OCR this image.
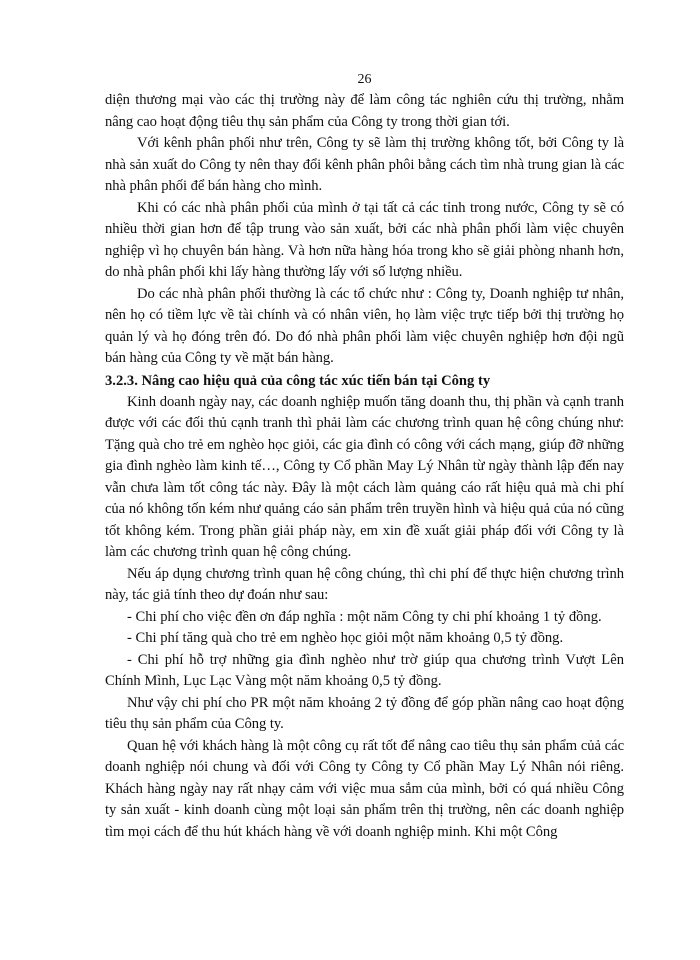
26

diện thương mại vào các thị trường này để làm công tác nghiên cứu thị trường, nhằm nâng cao hoạt động tiêu thụ sản phẩm của Công ty trong thời gian tới.

Với kênh phân phối như trên, Công ty sẽ làm thị trường không tốt, bởi Công ty là nhà sản xuất do Công ty nên thay đổi kênh phân phôi bằng cách tìm nhà trung gian là các nhà phân phối để bán hàng cho mình.

Khi có các nhà phân phối của mình ở tại tất cả các tỉnh trong nước, Công ty sẽ có nhiều thời gian hơn để tập trung vào sản xuất, bởi các nhà phân phối làm việc chuyên nghiệp vì họ chuyên bán hàng. Và hơn nữa hàng hóa trong kho sẽ giải phòng nhanh hơn, do nhà phân phối khi lấy hàng thường lấy với số lượng nhiều.

Do các nhà phân phối thường là các tổ chức như : Công ty, Doanh nghiệp tư nhân, nên họ có tiềm lực về tài chính và có nhân viên, họ làm việc trực tiếp bởi thị trường họ quản lý và họ đóng trên đó. Do đó nhà phân phối làm việc chuyên nghiệp hơn đội ngũ bán hàng của Công ty về mặt bán hàng.

3.2.3. Nâng cao hiệu quả của công tác xúc tiến bán tại Công ty

Kinh doanh ngày nay, các doanh nghiệp muốn tăng doanh thu, thị phần và cạnh tranh được với các đối thủ cạnh tranh thì phải làm các chương trình quan hệ công chúng như: Tặng quà cho trẻ em nghèo học giỏi, các gia đình có công với cách mạng, giúp đỡ những gia đình nghèo làm kinh tế…, Công ty Cổ phần May Lý Nhân từ ngày thành lập đến nay vẫn chưa làm tốt công tác này. Đây là một cách làm quảng cáo rất hiệu quả mà chi phí của nó không tốn kém như quảng cáo sản phẩm trên truyền hình và hiệu quả của nó cũng tốt không kém. Trong phần giải pháp này, em xin đề xuất giải pháp đối với Công ty là làm các chương trình quan hệ công chúng.

Nếu áp dụng chương trình quan hệ công chúng, thì chi phí để thực hiện chương trình này, tác giả tính theo dự đoán như sau:

- Chi phí cho việc đền ơn đáp nghĩa : một năm Công ty chi phí khoảng 1 tỷ đồng.

- Chi phí tăng quà cho trẻ em nghèo học giỏi một năm khoảng 0,5 tỷ đồng.

- Chi phí hỗ trợ những gia đình nghèo như trờ giúp qua chương trình Vượt Lên Chính Mình, Lục Lạc Vàng một năm khoảng 0,5 tỷ đồng.

Như vậy chi phí cho PR một năm khoảng 2 tỷ đồng để góp phần nâng cao hoạt động tiêu thụ sản phẩm của Công ty.

Quan hệ với khách hàng là một công cụ rất tốt để nâng cao tiêu thụ sản phẩm củả các doanh nghiệp nói chung và đối với Công ty Công ty Cổ phần May Lý Nhân nói riêng. Khách hàng ngày nay rất nhạy cảm với việc mua sắm của mình, bởi có quá nhiều Công ty sản xuất - kinh doanh cùng một loại sản phẩm trên thị trường, nên các doanh nghiệp tìm mọi cách để thu hút khách hàng về với doanh nghiệp minh. Khi một Công
